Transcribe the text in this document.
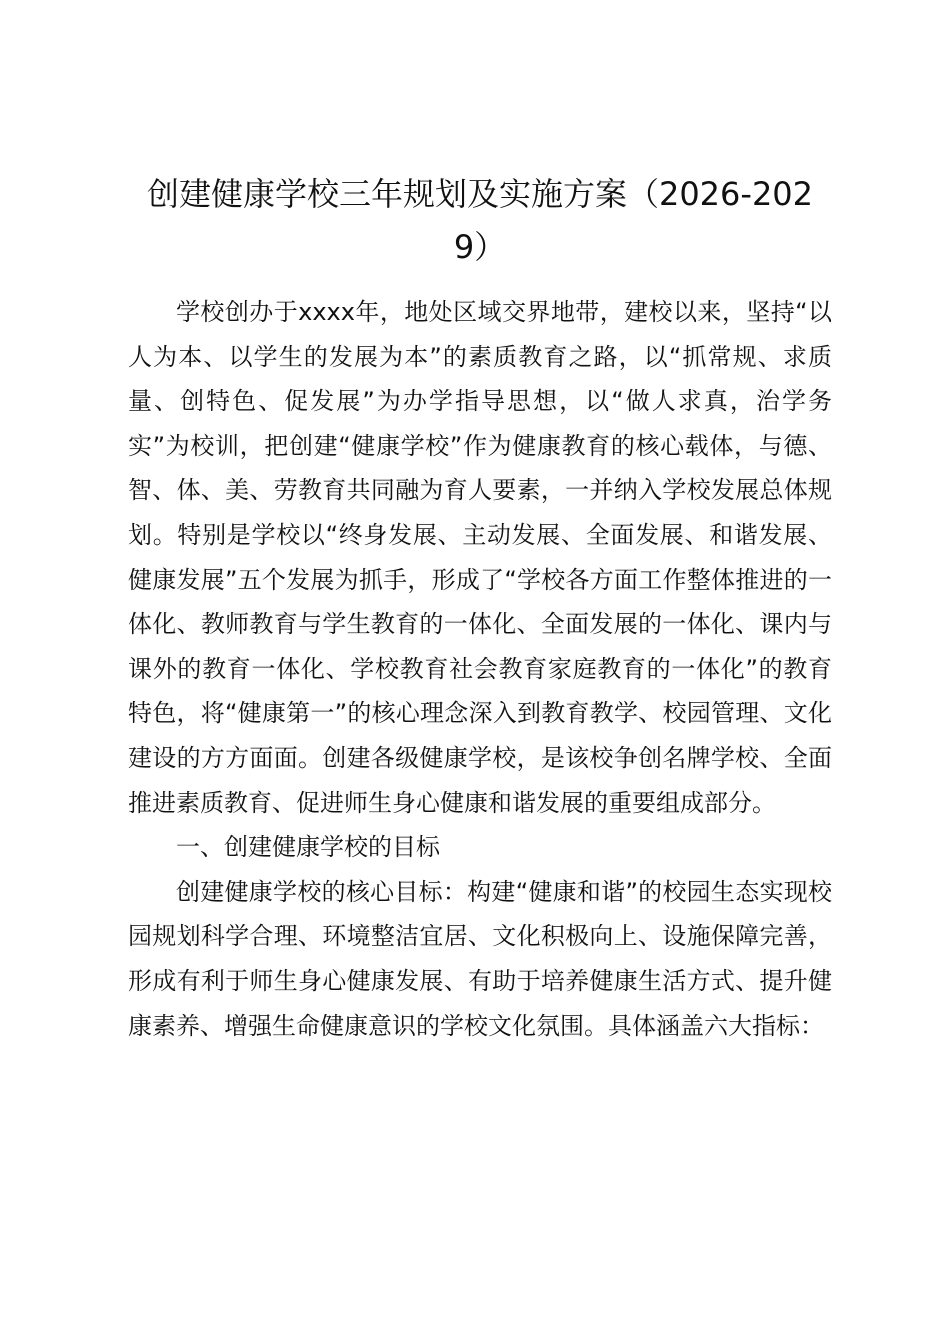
创建健康学校三年规划及实施方案（2026-2029）

学校创办于xxxx年，地处区域交界地带，建校以来，坚持“以人为本、以学生的发展为本”的素质教育之路，以“抓常规、求质量、创特色、促发展”为办学指导思想，以“做人求真，治学务实”为校训，把创建“健康学校”作为健康教育的核心载体，与德、智、体、美、劳教育共同融为育人要素，一并纳入学校发展总体规划。特别是学校以“终身发展、主动发展、全面发展、和谐发展、健康发展”五个发展为抓手，形成了“学校各方面工作整体推进的一体化、教师教育与学生教育的一体化、全面发展的一体化、课内与课外的教育一体化、学校教育社会教育家庭教育的一体化”的教育特色，将“健康第一”的核心理念深入到教育教学、校园管理、文化建设的方方面面。创建各级健康学校，是该校争创名牌学校、全面推进素质教育、促进师生身心健康和谐发展的重要组成部分。

一、创建健康学校的目标

创建健康学校的核心目标：构建“健康和谐”的校园生态实现校园规划科学合理、环境整洁宜居、文化积极向上、设施保障完善，形成有利于师生身心健康发展、有助于培养健康生活方式、提升健康素养、增强生命健康意识的学校文化氛围。具体涵盖六大指标：
